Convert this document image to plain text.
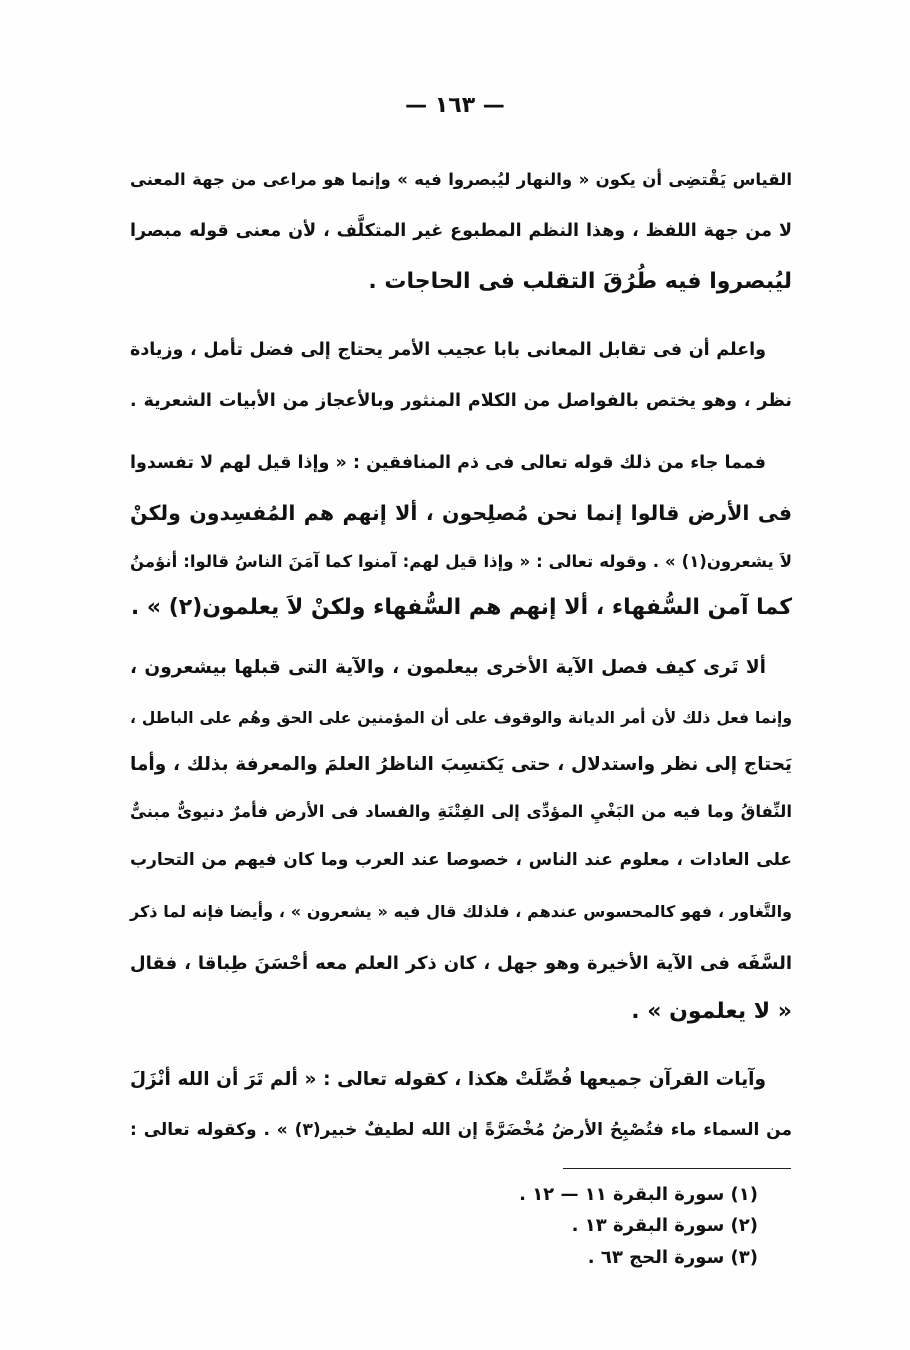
— ١٦٣ —
القياس يَقْتضِى أن يكون « والنهار ليُبصروا فيه » وإنما هو مراعى من جهة المعنى
لا من جهة اللفظ ، وهذا النظم المطبوع غير المتكلَّف ، لأن معنى قوله مبصرا
ليُبصروا فيه طُرُقَ التقلب فى الحاجات .
واعلم أن فى تقابل المعانى بابا عجيب الأمر يحتاج إلى فضل تأمل ، وزيادة
نظر ، وهو يختص بالفواصل من الكلام المنثور وبالأعجاز من الأبيات الشعرية .
فمما جاء من ذلك قوله تعالى فى ذم المنافقين : « وإذا قيل لهم لا تفسدوا
فى الأرض قالوا إنما نحن مُصلِحون ، ألا إنهم هم المُفسِدون ولكنْ
لاَ يشعرون(١) » . وقوله تعالى : « وإذا قيل لهم: آمنوا كما آمَنَ الناسُ قالوا: أنؤمنُ
كما آمن السُّفهاء ، ألا إنهم هم السُّفهاء ولكنْ لاَ يعلمون(٢) » .
ألا تَرى كيف فصل الآية الأخرى بيعلمون ، والآية التى قبلها بيشعرون ،
وإنما فعل ذلك لأن أمر الديانة والوقوف على أن المؤمنين على الحق وهُم على الباطل ،
يَحتاج إلى نظر واستدلال ، حتى يَكتسِبَ الناظرُ العلمَ والمعرفة بذلك ، وأما
النِّفاقُ وما فيه من البَغْيِ المؤدِّى إلى الفِتْنَةِ والفساد فى الأرض فأمرٌ دنيوىٌّ مبنىٌّ
على العادات ، معلوم عند الناس ، خصوصا عند العرب وما كان فيهم من التحارب
والتَّغاور ، فهو كالمحسوس عندهم ، فلذلك قال فيه « يشعرون » ، وأيضا فإنه لما ذكر
السَّفَه فى الآية الأخيرة وهو جهل ، كان ذكر العلم معه أحْسَنَ طِباقا ، فقال
« لا يعلمون » .
وآيات القرآن جميعها فُصِّلَتْ هكذا ، كقوله تعالى : « ألم تَرَ أن الله أنْزَلَ
من السماء ماء فتُصْبِحُ الأرضُ مُخْضَرَّةً إن الله لطيفٌ خبير(٣) » . وكقوله تعالى :
(١) سورة البقرة ١١ — ١٢ .
(٢) سورة البقرة ١٣ .
(٣) سورة الحج ٦٣ .
